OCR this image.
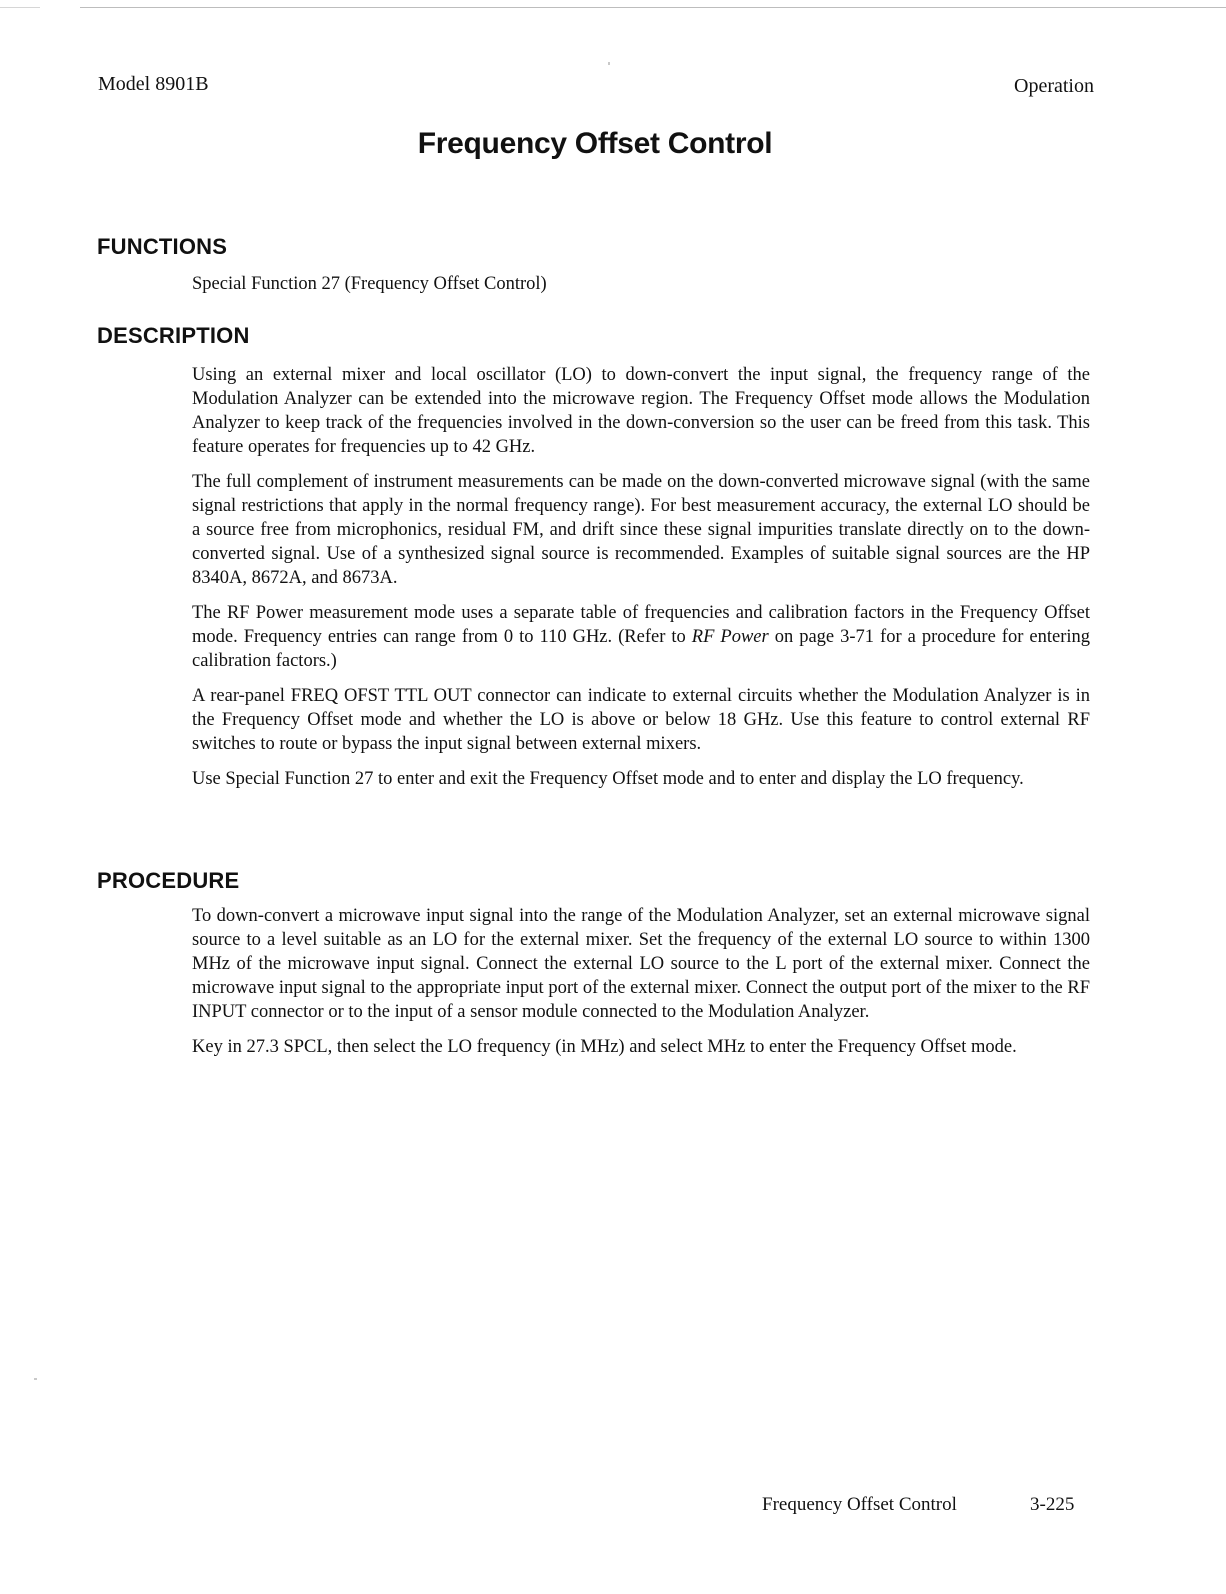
Model 8901B	Operation
Frequency Offset Control
FUNCTIONS

Special Function 27 (Frequency Offset Control)

DESCRIPTION

Using an external mixer and local oscillator (LO) to down-convert the input signal, the frequency range of the Modulation Analyzer can be extended into the microwave region. The Frequency Offset mode allows the Modulation Analyzer to keep track of the frequencies involved in the down-conversion so the user can be freed from this task. This feature operates for frequencies up to 42 GHz.

The full complement of instrument measurements can be made on the down-converted microwave signal (with the same signal restrictions that apply in the normal frequency range). For best measurement accuracy, the external LO should be a source free from microphonics, residual FM, and drift since these signal impurities translate directly on to the down-converted signal. Use of a synthesized signal source is recommended. Examples of suitable signal sources are the HP 8340A, 8672A, and 8673A.

The RF Power measurement mode uses a separate table of frequencies and calibration factors in the Frequency Offset mode. Frequency entries can range from 0 to 110 GHz. (Refer to RF Power on page 3-71 for a procedure for entering calibration factors.)

A rear-panel FREQ OFST TTL OUT connector can indicate to external circuits whether the Modulation Analyzer is in the Frequency Offset mode and whether the LO is above or below 18 GHz. Use this feature to control external RF switches to route or bypass the input signal between external mixers.

Use Special Function 27 to enter and exit the Frequency Offset mode and to enter and display the LO frequency.

PROCEDURE

To down-convert a microwave input signal into the range of the Modulation Analyzer, set an external microwave signal source to a level suitable as an LO for the external mixer. Set the frequency of the external LO source to within 1300 MHz of the microwave input signal. Connect the external LO source to the L port of the external mixer. Connect the microwave input signal to the appropriate input port of the external mixer. Connect the output port of the mixer to the RF INPUT connector or to the input of a sensor module connected to the Modulation Analyzer.

Key in 27.3 SPCL, then select the LO frequency (in MHz) and select MHz to enter the Frequency Offset mode.

Frequency Offset Control	3-225
